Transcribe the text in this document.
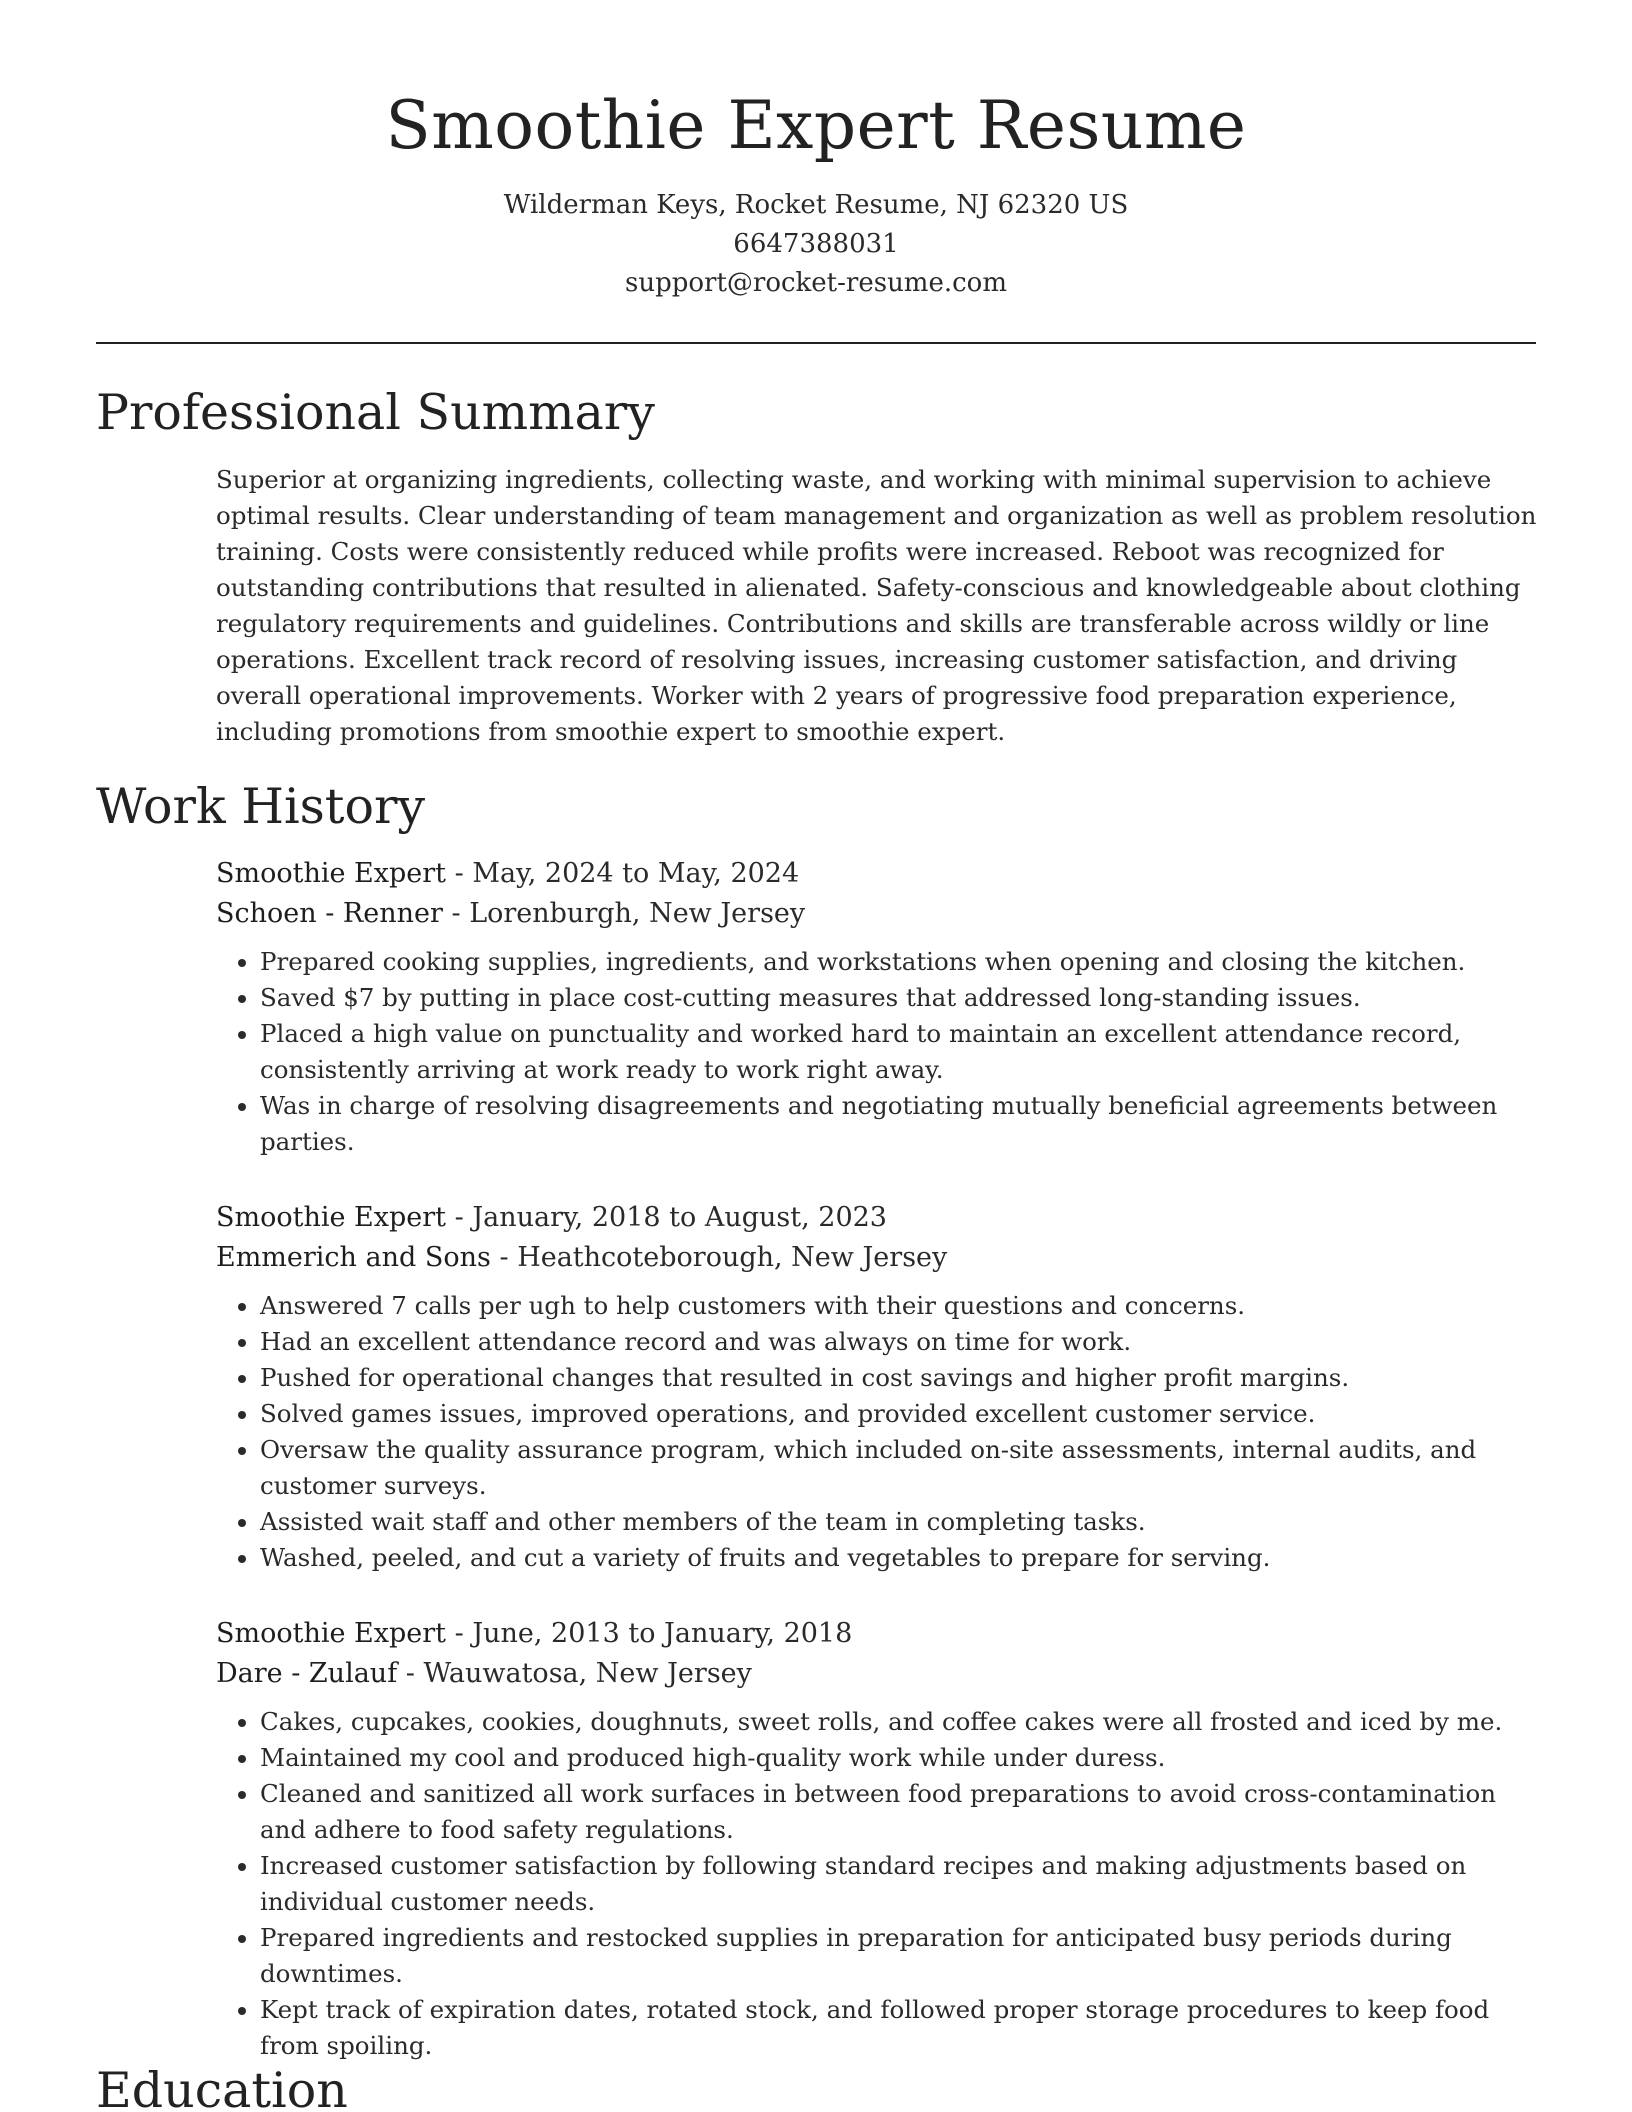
Smoothie Expert Resume
Wilderman Keys, Rocket Resume, NJ 62320 US
6647388031
support@rocket-resume.com
Professional Summary

Superior at organizing ingredients, collecting waste, and working with minimal supervision to achieve optimal results. Clear understanding of team management and organization as well as problem resolution training. Costs were consistently reduced while profits were increased. Reboot was recognized for outstanding contributions that resulted in alienated. Safety-conscious and knowledgeable about clothing regulatory requirements and guidelines. Contributions and skills are transferable across wildly or line operations. Excellent track record of resolving issues, increasing customer satisfaction, and driving overall operational improvements. Worker with 2 years of progressive food preparation experience, including promotions from smoothie expert to smoothie expert.

Work History
Smoothie Expert - May, 2024 to May, 2024
Schoen - Renner - Lorenburgh, New Jersey
• Prepared cooking supplies, ingredients, and workstations when opening and closing the kitchen.
• Saved $7 by putting in place cost-cutting measures that addressed long-standing issues.
• Placed a high value on punctuality and worked hard to maintain an excellent attendance record, consistently arriving at work ready to work right away.
• Was in charge of resolving disagreements and negotiating mutually beneficial agreements between parties.
Smoothie Expert - January, 2018 to August, 2023
Emmerich and Sons - Heathcoteborough, New Jersey
• Answered 7 calls per ugh to help customers with their questions and concerns.
• Had an excellent attendance record and was always on time for work.
• Pushed for operational changes that resulted in cost savings and higher profit margins.
• Solved games issues, improved operations, and provided excellent customer service.
• Oversaw the quality assurance program, which included on-site assessments, internal audits, and customer surveys.
• Assisted wait staff and other members of the team in completing tasks.
• Washed, peeled, and cut a variety of fruits and vegetables to prepare for serving.
Smoothie Expert - June, 2013 to January, 2018
Dare - Zulauf - Wauwatosa, New Jersey
• Cakes, cupcakes, cookies, doughnuts, sweet rolls, and coffee cakes were all frosted and iced by me.
• Maintained my cool and produced high-quality work while under duress.
• Cleaned and sanitized all work surfaces in between food preparations to avoid cross-contamination and adhere to food safety regulations.
• Increased customer satisfaction by following standard recipes and making adjustments based on individual customer needs.
• Prepared ingredients and restocked supplies in preparation for anticipated busy periods during downtimes.
• Kept track of expiration dates, rotated stock, and followed proper storage procedures to keep food from spoiling.
Education
